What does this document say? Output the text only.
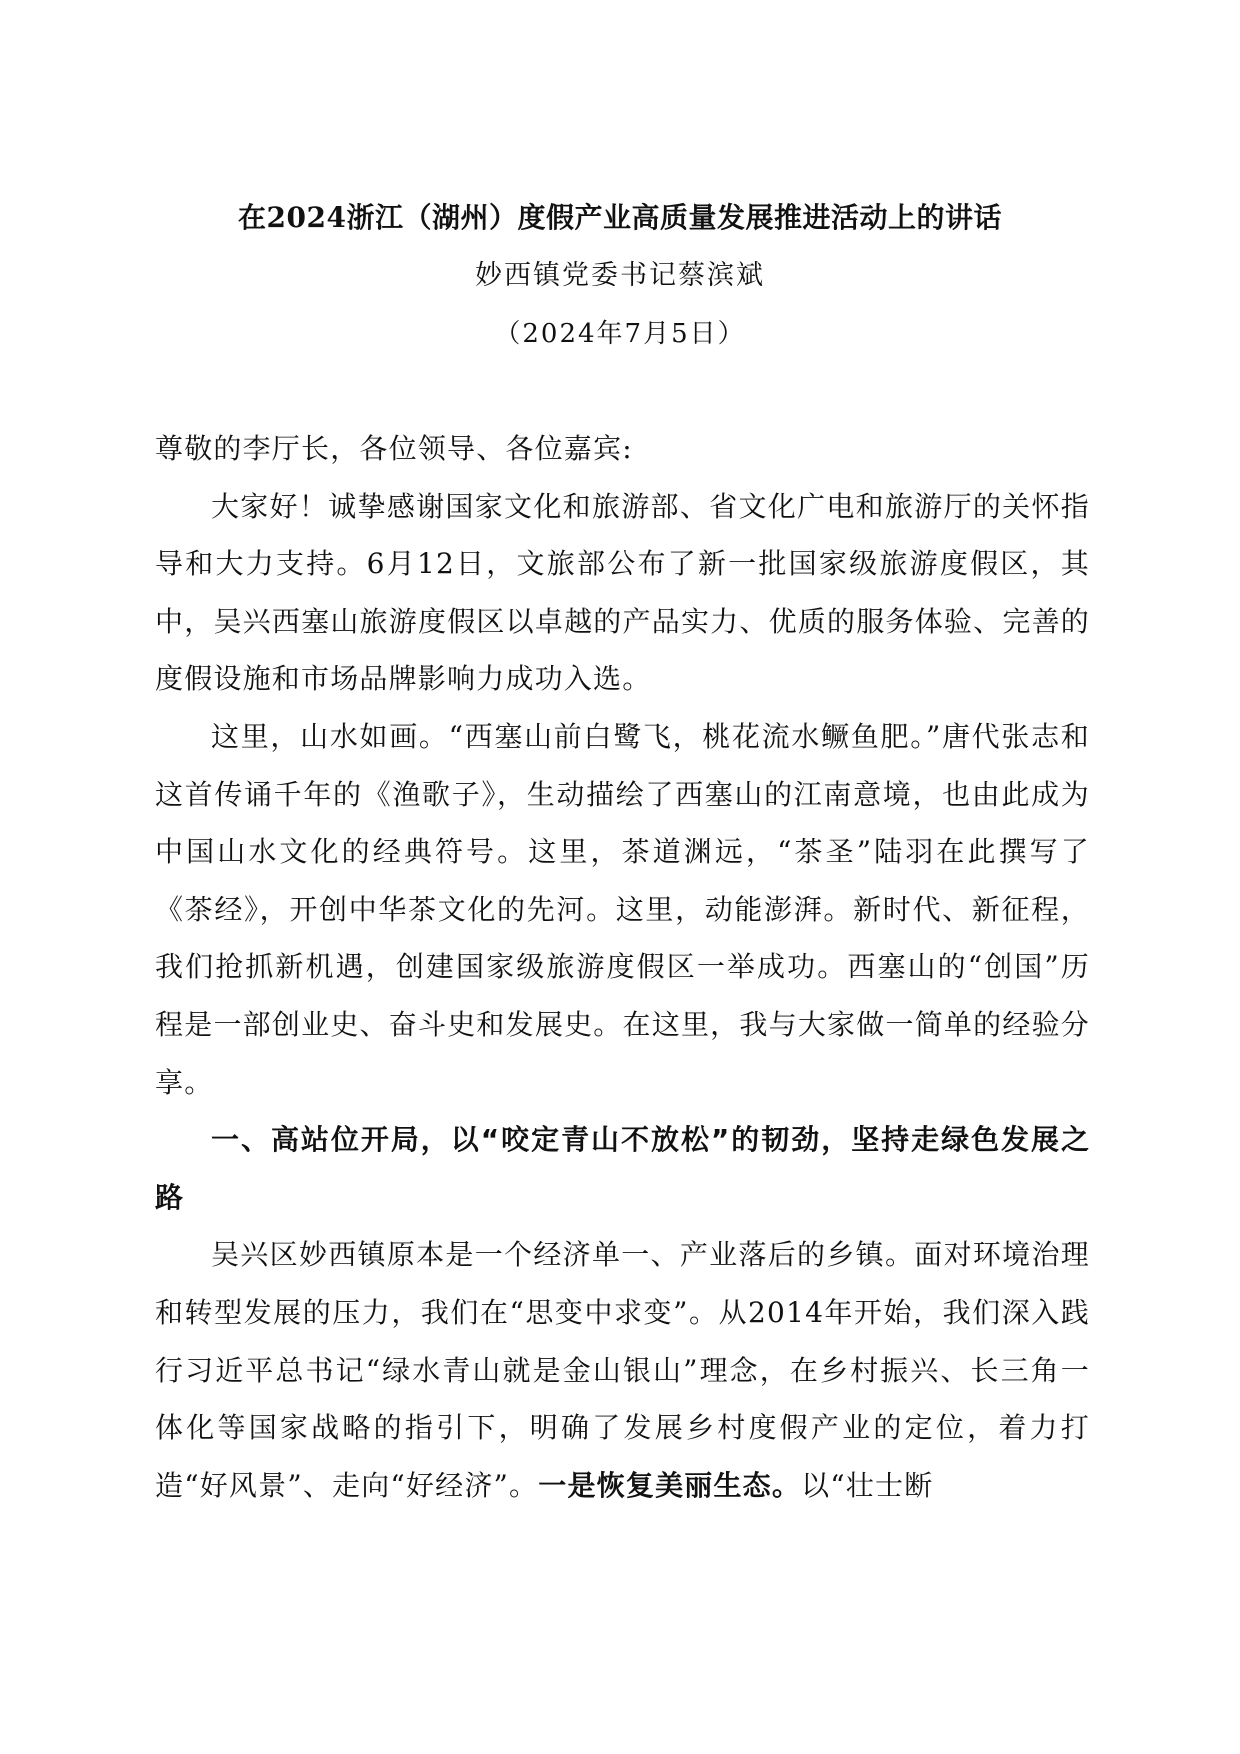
在2024浙江（湖州）度假产业高质量发展推进活动上的讲话
妙西镇党委书记蔡滨斌
（2024年7月5日）

尊敬的李厅长，各位领导、各位嘉宾:

大家好！诚挚感谢国家文化和旅游部、省文化广电和旅游厅的关怀指导和大力支持。6月12日，文旅部公布了新一批国家级旅游度假区，其中，吴兴西塞山旅游度假区以卓越的产品实力、优质的服务体验、完善的度假设施和市场品牌影响力成功入选。

这里，山水如画。“西塞山前白鹭飞，桃花流水鳜鱼肥。”唐代张志和这首传诵千年的《渔歌子》，生动描绘了西塞山的江南意境，也由此成为中国山水文化的经典符号。这里，茶道渊远，“茶圣”陆羽在此撰写了《茶经》，开创中华茶文化的先河。这里，动能澎湃。新时代、新征程，我们抢抓新机遇，创建国家级旅游度假区一举成功。西塞山的“创国”历程是一部创业史、奋斗史和发展史。在这里，我与大家做一简单的经验分享。

一、高站位开局，以“咬定青山不放松”的韧劲，坚持走绿色发展之路

吴兴区妙西镇原本是一个经济单一、产业落后的乡镇。面对环境治理和转型发展的压力，我们在“思变中求变”。从2014年开始，我们深入践行习近平总书记“绿水青山就是金山银山”理念，在乡村振兴、长三角一体化等国家战略的指引下，明确了发展乡村度假产业的定位，着力打造“好风景”、走向“好经济”。一是恢复美丽生态。以“壮士断
